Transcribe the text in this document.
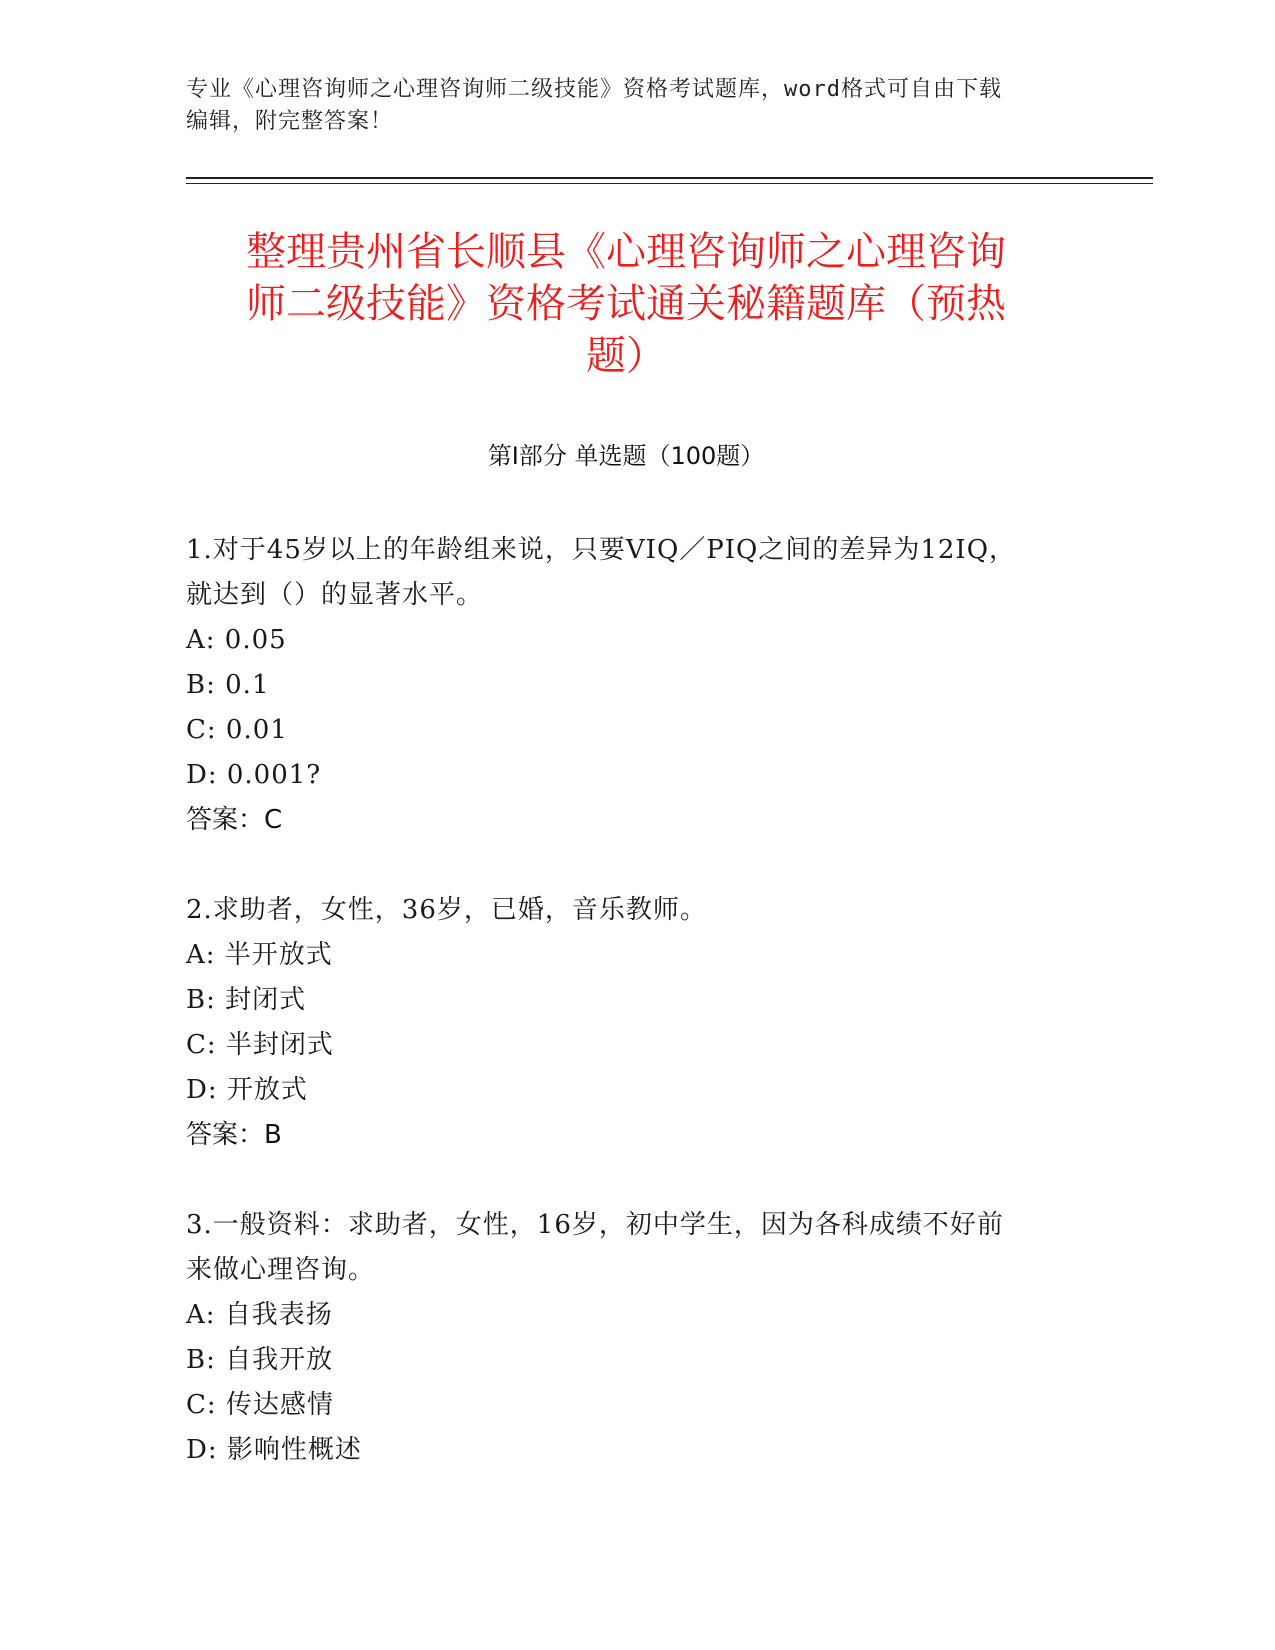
专业《心理咨询师之心理咨询师二级技能》资格考试题库，word格式可自由下载
编辑，附完整答案！
整理贵州省长顺县《心理咨询师之心理咨询
师二级技能》资格考试通关秘籍题库（预热
题）
第Ⅰ部分 单选题（100题）

1.对于45岁以上的年龄组来说，只要VIQ／PIQ之间的差异为12IQ，

就达到（）的显著水平。

A: 0.05

B: 0.1

C: 0.01

D: 0.001?

答案：C

2.求助者，女性，36岁，已婚，音乐教师。

A: 半开放式

B: 封闭式

C: 半封闭式

D: 开放式

答案：B

3.一般资料：求助者，女性，16岁，初中学生，因为各科成绩不好前

来做心理咨询。

A: 自我表扬

B: 自我开放

C: 传达感情

D: 影响性概述
